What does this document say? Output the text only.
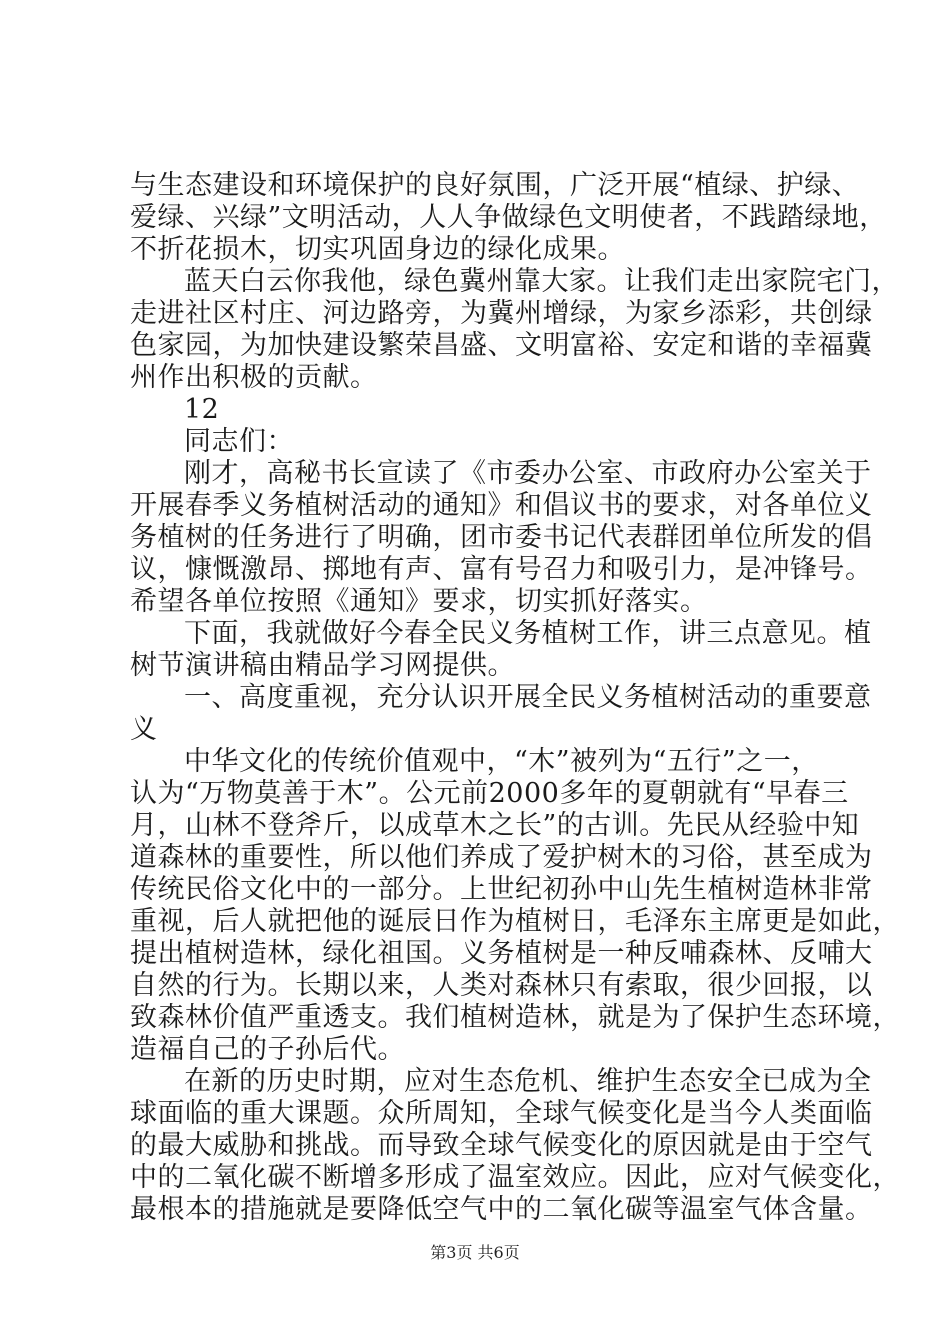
与生态建设和环境保护的良好氛围，广泛开展“植绿、护绿、
爱绿、兴绿”文明活动，人人争做绿色文明使者，不践踏绿地，
不折花损木，切实巩固身边的绿化成果。
蓝天白云你我他，绿色冀州靠大家。让我们走出家院宅门，
走进社区村庄、河边路旁，为冀州增绿，为家乡添彩，共创绿
色家园，为加快建设繁荣昌盛、文明富裕、安定和谐的幸福冀
州作出积极的贡献。
12
同志们：
刚才，高秘书长宣读了《市委办公室、市政府办公室关于
开展春季义务植树活动的通知》和倡议书的要求，对各单位义
务植树的任务进行了明确，团市委书记代表群团单位所发的倡
议，慷慨激昂、掷地有声、富有号召力和吸引力，是冲锋号。
希望各单位按照《通知》要求，切实抓好落实。
下面，我就做好今春全民义务植树工作，讲三点意见。植
树节演讲稿由精品学习网提供。
一、高度重视，充分认识开展全民义务植树活动的重要意
义
中华文化的传统价值观中，“木”被列为“五行”之一，
认为“万物莫善于木”。公元前2000多年的夏朝就有“早春三
月，山林不登斧斤，以成草木之长”的古训。先民从经验中知
道森林的重要性，所以他们养成了爱护树木的习俗，甚至成为
传统民俗文化中的一部分。上世纪初孙中山先生植树造林非常
重视，后人就把他的诞辰日作为植树日，毛泽东主席更是如此，
提出植树造林，绿化祖国。义务植树是一种反哺森林、反哺大
自然的行为。长期以来，人类对森林只有索取，很少回报，以
致森林价值严重透支。我们植树造林，就是为了保护生态环境，
造福自己的子孙后代。
在新的历史时期，应对生态危机、维护生态安全已成为全
球面临的重大课题。众所周知，全球气候变化是当今人类面临
的最大威胁和挑战。而导致全球气候变化的原因就是由于空气
中的二氧化碳不断增多形成了温室效应。因此，应对气候变化，
最根本的措施就是要降低空气中的二氧化碳等温室气体含量。
第3页 共6页
